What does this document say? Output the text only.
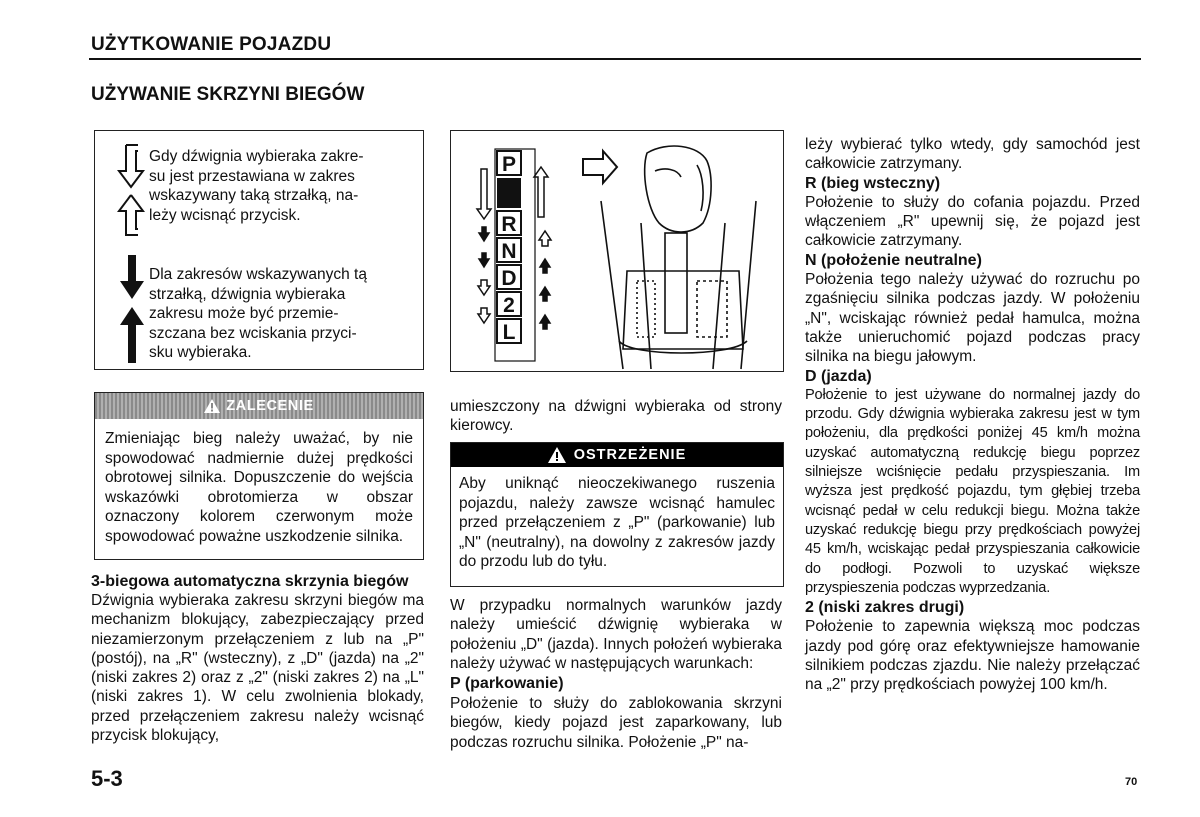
UŻYTKOWANIE POJAZDU
UŻYWANIE SKRZYNI BIEGÓW
Gdy dźwignia wybieraka zakre-
su jest przestawiana w zakres
wskazywany taką strzałką, na-
leży wcisnąć przycisk.
Dla zakresów wskazywanych tą
strzałką, dźwignia wybieraka
zakresu może być przemie-
szczana bez wciskania przyci-
sku wybieraka.
P
R
N
D
2
L
ZALECENIE
Zmieniając bieg należy uważać, by nie spowodować nadmiernie dużej prędkości obrotowej silnika. Dopuszczenie do wejścia wskazówki obrotomierza w obszar oznaczony kolorem czerwonym może spowodować poważne uszkodzenie silnika.
3-biegowa automatyczna skrzynia biegów
Dźwignia wybieraka zakresu skrzyni biegów ma mechanizm blokujący, zabezpieczający przed niezamierzonym przełączeniem z lub na „P" (postój), na „R" (wsteczny), z „D" (jazda) na „2" (niski zakres 2) oraz z „2" (niski zakres 2) na „L" (niski zakres 1). W celu zwolnienia blokady, przed przełączeniem zakresu należy wcisnąć przycisk blokujący,
umieszczony na dźwigni wybieraka od strony kierowcy.
OSTRZEŻENIE
Aby uniknąć nieoczekiwanego ruszenia pojazdu, należy zawsze wcisnąć hamulec przed przełączeniem z „P" (parkowanie) lub „N" (neutralny), na dowolny z zakresów jazdy do przodu lub do tyłu.
W przypadku normalnych warunków jazdy należy umieścić dźwignię wybieraka w położeniu „D" (jazda). Innych położeń wybieraka należy używać w następujących warunkach:
P (parkowanie)
Położenie to służy do zablokowania skrzyni biegów, kiedy pojazd jest zaparkowany, lub podczas rozruchu silnika. Położenie „P" na-
leży wybierać tylko wtedy, gdy samochód jest całkowicie zatrzymany.
R (bieg wsteczny)
Położenie to służy do cofania pojazdu. Przed włączeniem „R" upewnij się, że pojazd jest całkowicie zatrzymany.
N (położenie neutralne)
Położenia tego należy używać do rozruchu po zgaśnięciu silnika podczas jazdy. W położeniu „N", wciskając również pedał hamulca, można także unieruchomić pojazd podczas pracy silnika na biegu jałowym.
D (jazda)
Położenie to jest używane do normalnej jazdy do przodu. Gdy dźwignia wybieraka zakresu jest w tym położeniu, dla prędkości poniżej 45 km/h można uzyskać automatyczną redukcję biegu poprzez silniejsze wciśnięcie pedału przyspieszania. Im wyższa jest prędkość pojazdu, tym głębiej trzeba wcisnąć pedał w celu redukcji biegu. Można także uzyskać redukcję biegu przy prędkościach powyżej 45 km/h, wciskając pedał przyspieszania całkowicie do podłogi. Pozwoli to uzyskać większe przyspieszenia podczas wyprzedzania.
2 (niski zakres drugi)
Położenie to zapewnia większą moc podczas jazdy pod górę oraz efektywniejsze hamowanie silnikiem podczas zjazdu. Nie należy przełączać na „2" przy prędkościach powyżej 100 km/h.
5-3	70
